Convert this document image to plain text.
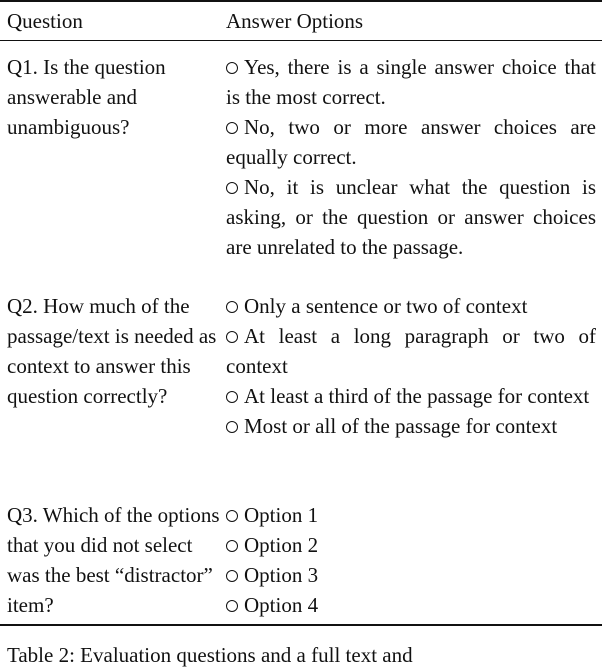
Question	Answer Options
Q1. Is the question answerable and unambiguous?
Yes, there is a single answer choice that is the most correct.
No, two or more answer choices are equally correct.
No, it is unclear what the question is asking, or the question or answer choices are unrelated to the passage.
Q2. How much of the passage/text is needed as context to answer this question correctly?
Only a sentence or two of context
At least a long paragraph or two of context
At least a third of the passage for context
Most or all of the passage for context
Q3. Which of the options that you did not select was the best “distractor” item?
Option 1
Option 2
Option 3
Option 4
Table 2: Evaluation questions and a full text and
